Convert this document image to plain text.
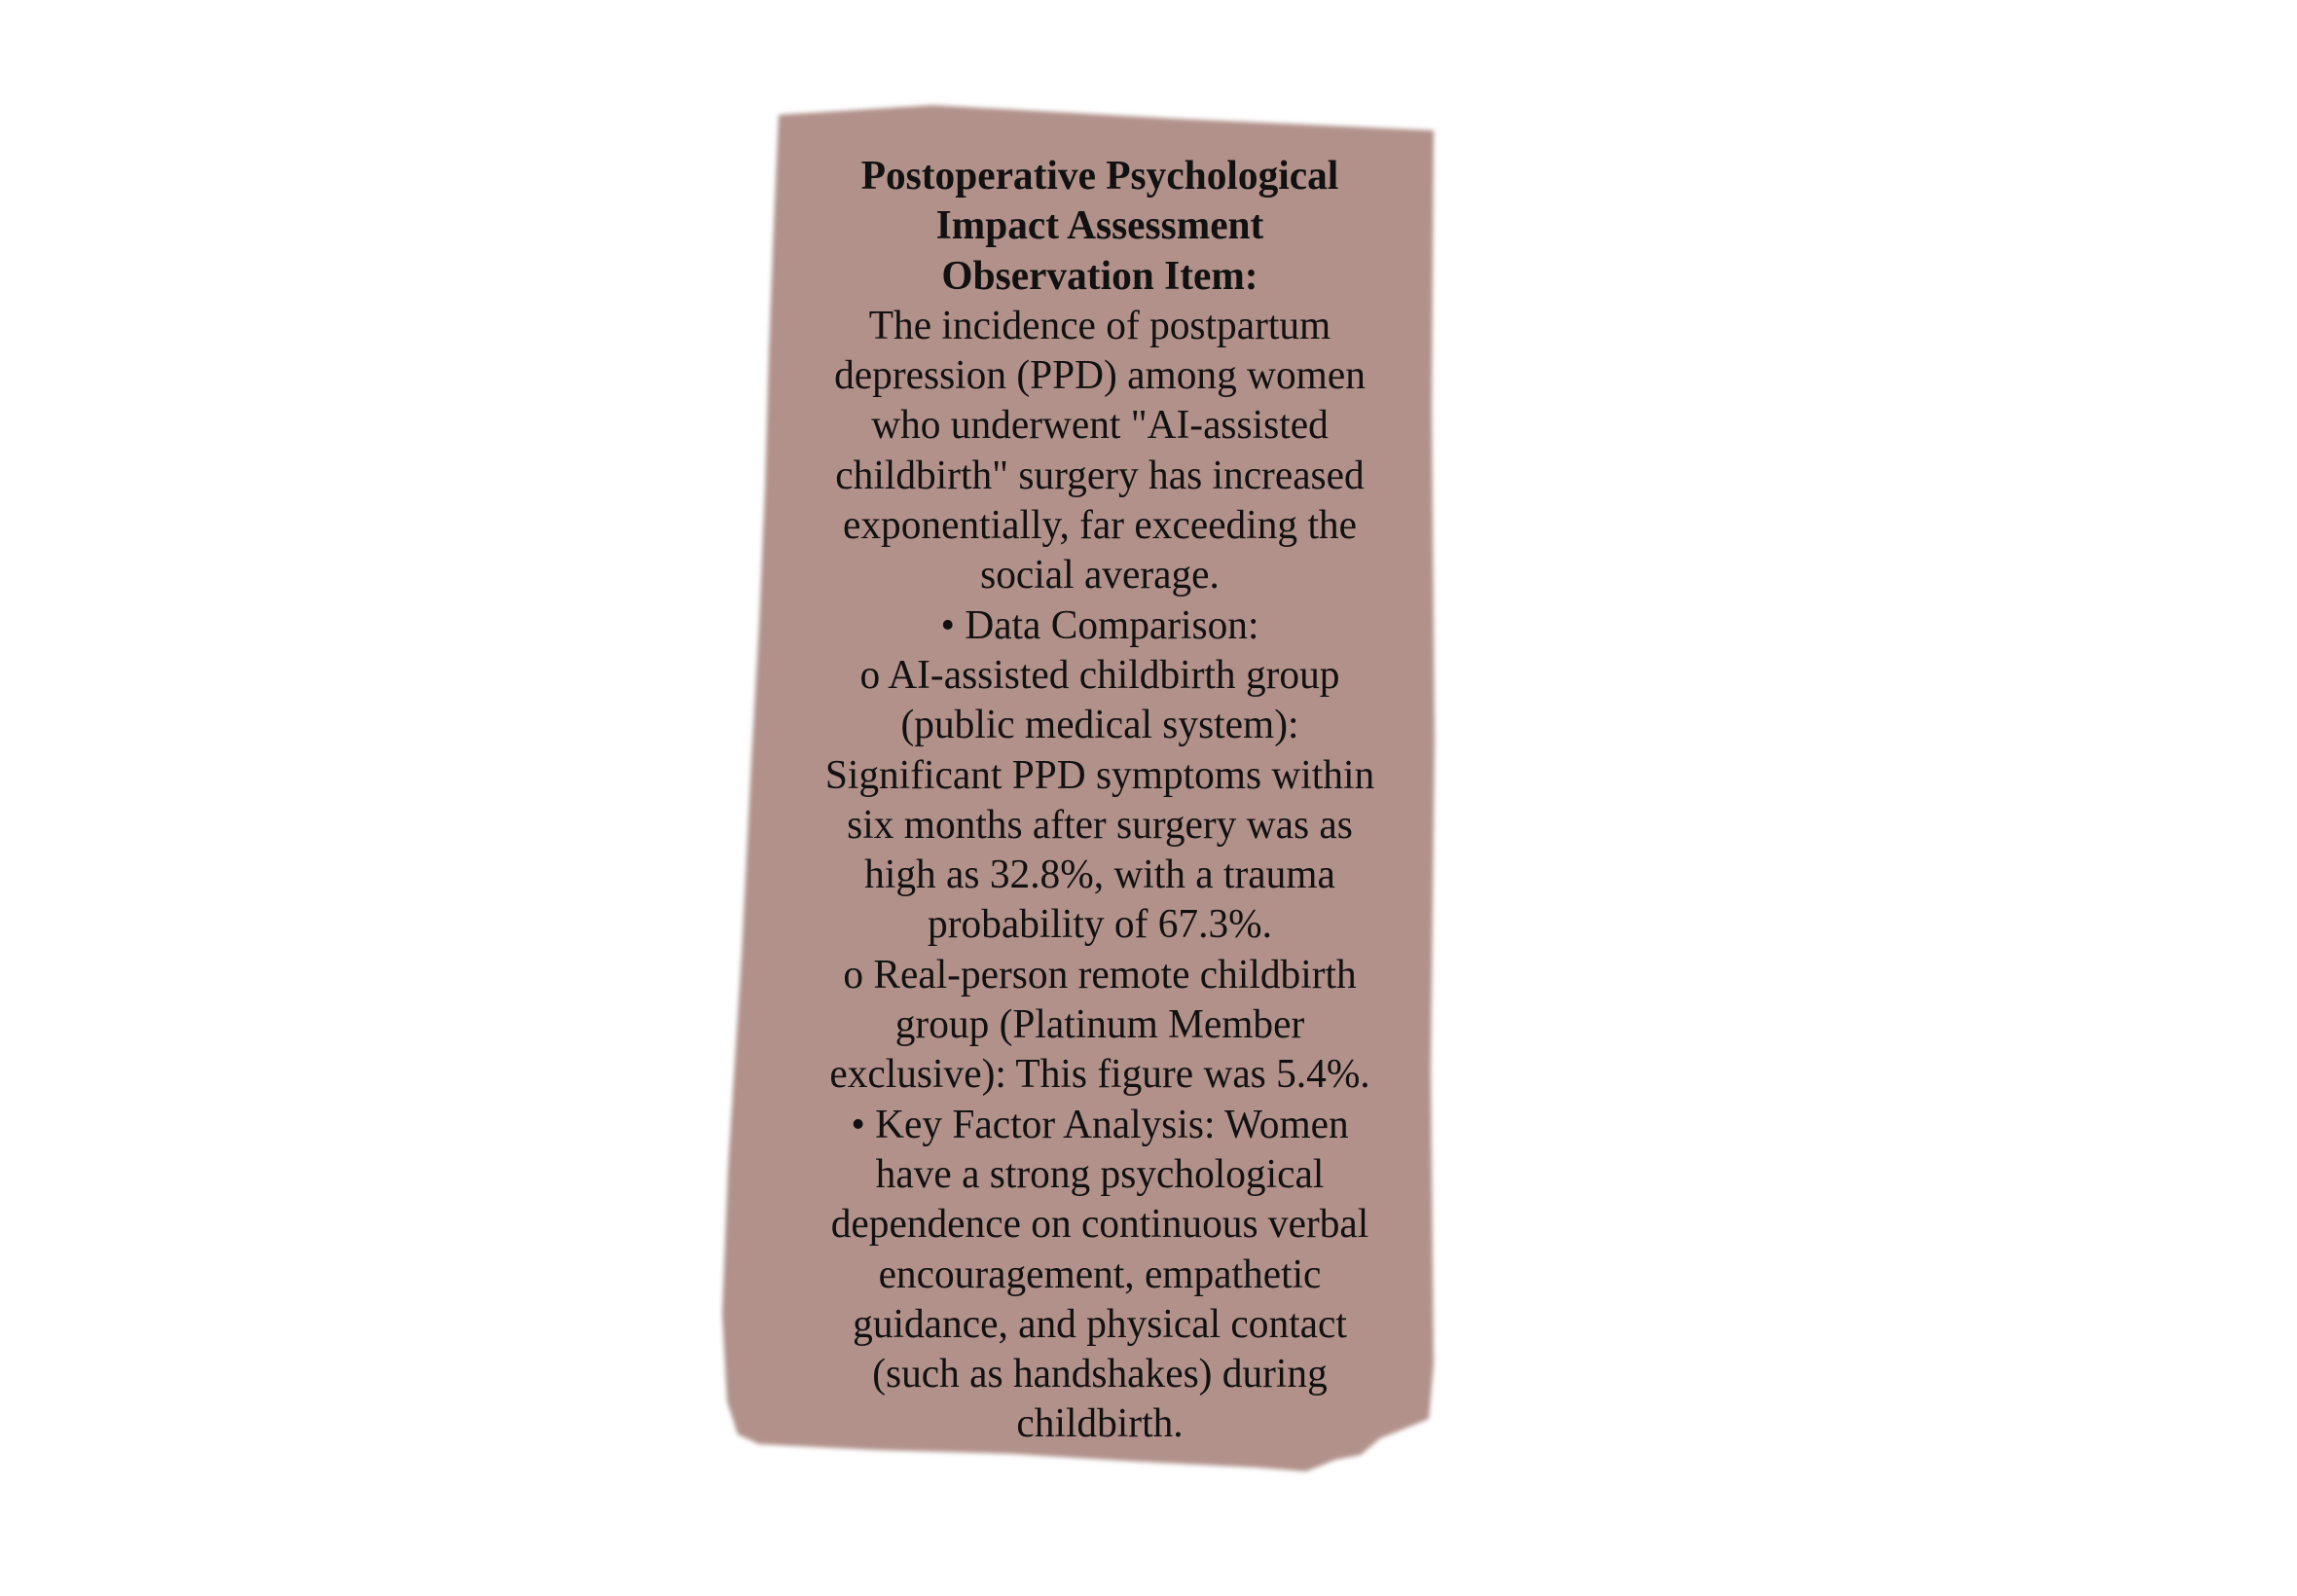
Postoperative Psychological
Impact Assessment
Observation Item:
The incidence of postpartum
depression (PPD) among women
who underwent "AI-assisted
childbirth" surgery has increased
exponentially, far exceeding the
social average.
• Data Comparison:
o AI-assisted childbirth group
(public medical system):
Significant PPD symptoms within
six months after surgery was as
high as 32.8%, with a trauma
probability of 67.3%.
o Real-person remote childbirth
group (Platinum Member
exclusive): This figure was 5.4%.
• Key Factor Analysis: Women
have a strong psychological
dependence on continuous verbal
encouragement, empathetic
guidance, and physical contact
(such as handshakes) during
childbirth.
